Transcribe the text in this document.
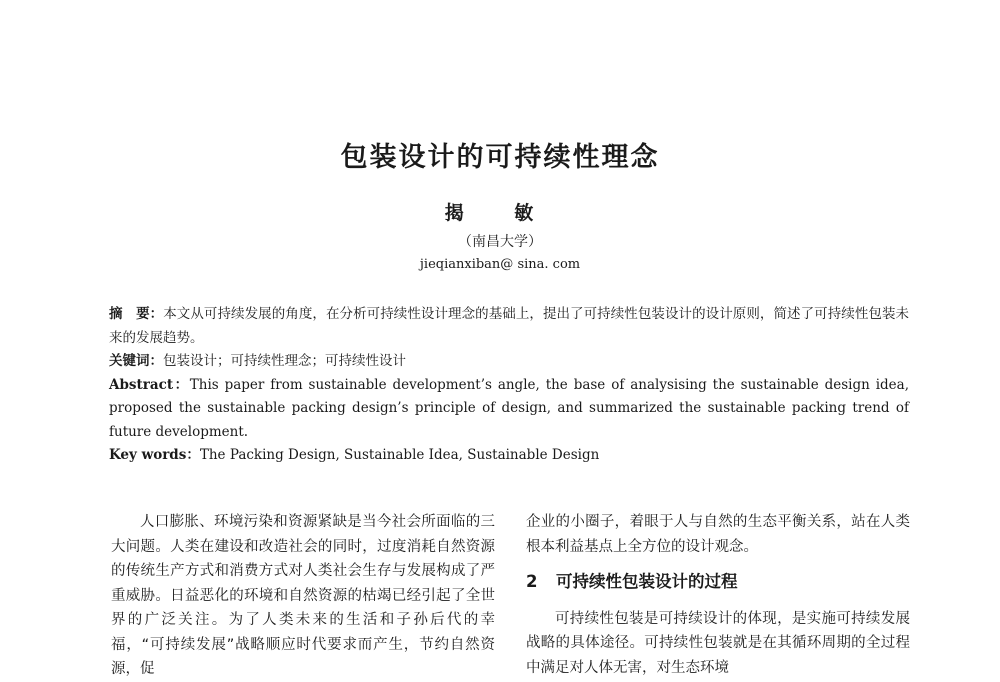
包装设计的可持续性理念
揭 敏
（南昌大学）
jieqianxiban@ sina. com

摘　要：本文从可持续发展的角度，在分析可持续性设计理念的基础上，提出了可持续性包装设计的设计原则，简述了可持续性包装未来的发展趋势。

关键词：包装设计；可持续性理念；可持续性设计

Abstract：This paper from sustainable development’s angle, the base of analysising the sustainable design idea, proposed the sustainable packing design’s principle of design, and summarized the sustainable packing trend of future development.

Key words：The Packing Design, Sustainable Idea, Sustainable Design

人口膨胀、环境污染和资源紧缺是当今社会所面临的三大问题。人类在建设和改造社会的同时，过度消耗自然资源的传统生产方式和消费方式对人类社会生存与发展构成了严重威胁。日益恶化的环境和自然资源的枯竭已经引起了全世界的广泛关注。为了人类未来的生活和子孙后代的幸福，“可持续发展”战略顺应时代要求而产生，节约自然资源，促

企业的小圈子，着眼于人与自然的生态平衡关系，站在人类根本利益基点上全方位的设计观念。

2 可持续性包装设计的过程

可持续性包装是可持续设计的体现，是实施可持续发展战略的具体途径。可持续性包装就是在其循环周期的全过程中满足对人体无害，对生态环境
